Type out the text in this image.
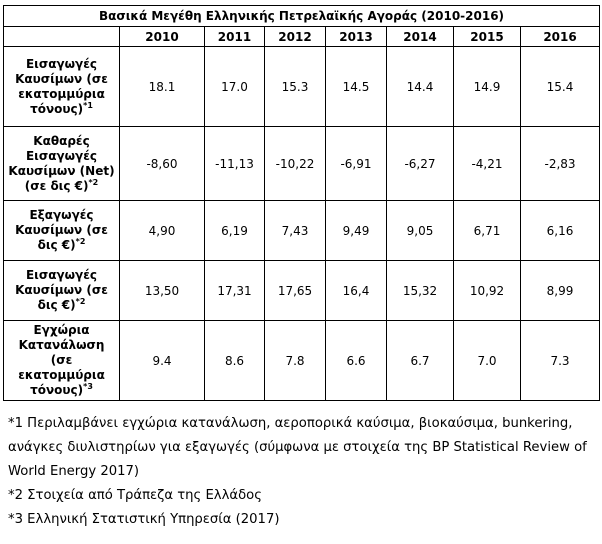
Βασικά Μεγέθη Ελληνικής Πετρελαϊκής Αγοράς (2010-2016)							
	2010	2011	2012	2013	2014	2015	2016

Εισαγωγές
Καυσίμων (σε
εκατομμύρια
τόνους)$^{*1}$	18.1	17.0	15.3	14.5	14.4	14.9	15.4

Καθαρές
Εισαγωγές
Καυσίμων (Net)
(σε δις €)$^{*2}$	-8,60	-11,13	-10,22	-6,91	-6,27	-4,21	-2,83

Εξαγωγές
Καυσίμων (σε
δις €)$^{*2}$	4,90	6,19	7,43	9,49	9,05	6,71	6,16

Εισαγωγές
Καυσίμων (σε
δις €)$^{*2}$	13,50	17,31	17,65	16,4	15,32	10,92	8,99

Εγχώρια
Κατανάλωση
(σε
εκατομμύρια
τόνους)$^{*3}$	9.4	8.6	7.8	6.6	6.7	7.0	7.3
*1 Περιλαμβάνει εγχώρια κατανάλωση, αεροπορικά καύσιμα, βιοκαύσιμα, bunkering,
ανάγκες διυλιστηρίων για εξαγωγές (σύμφωνα με στοιχεία της BP Statistical Review of
World Energy 2017)
*2 Στοιχεία από Τράπεζα της Ελλάδος
*3 Ελληνική Στατιστική Υπηρεσία (2017)
